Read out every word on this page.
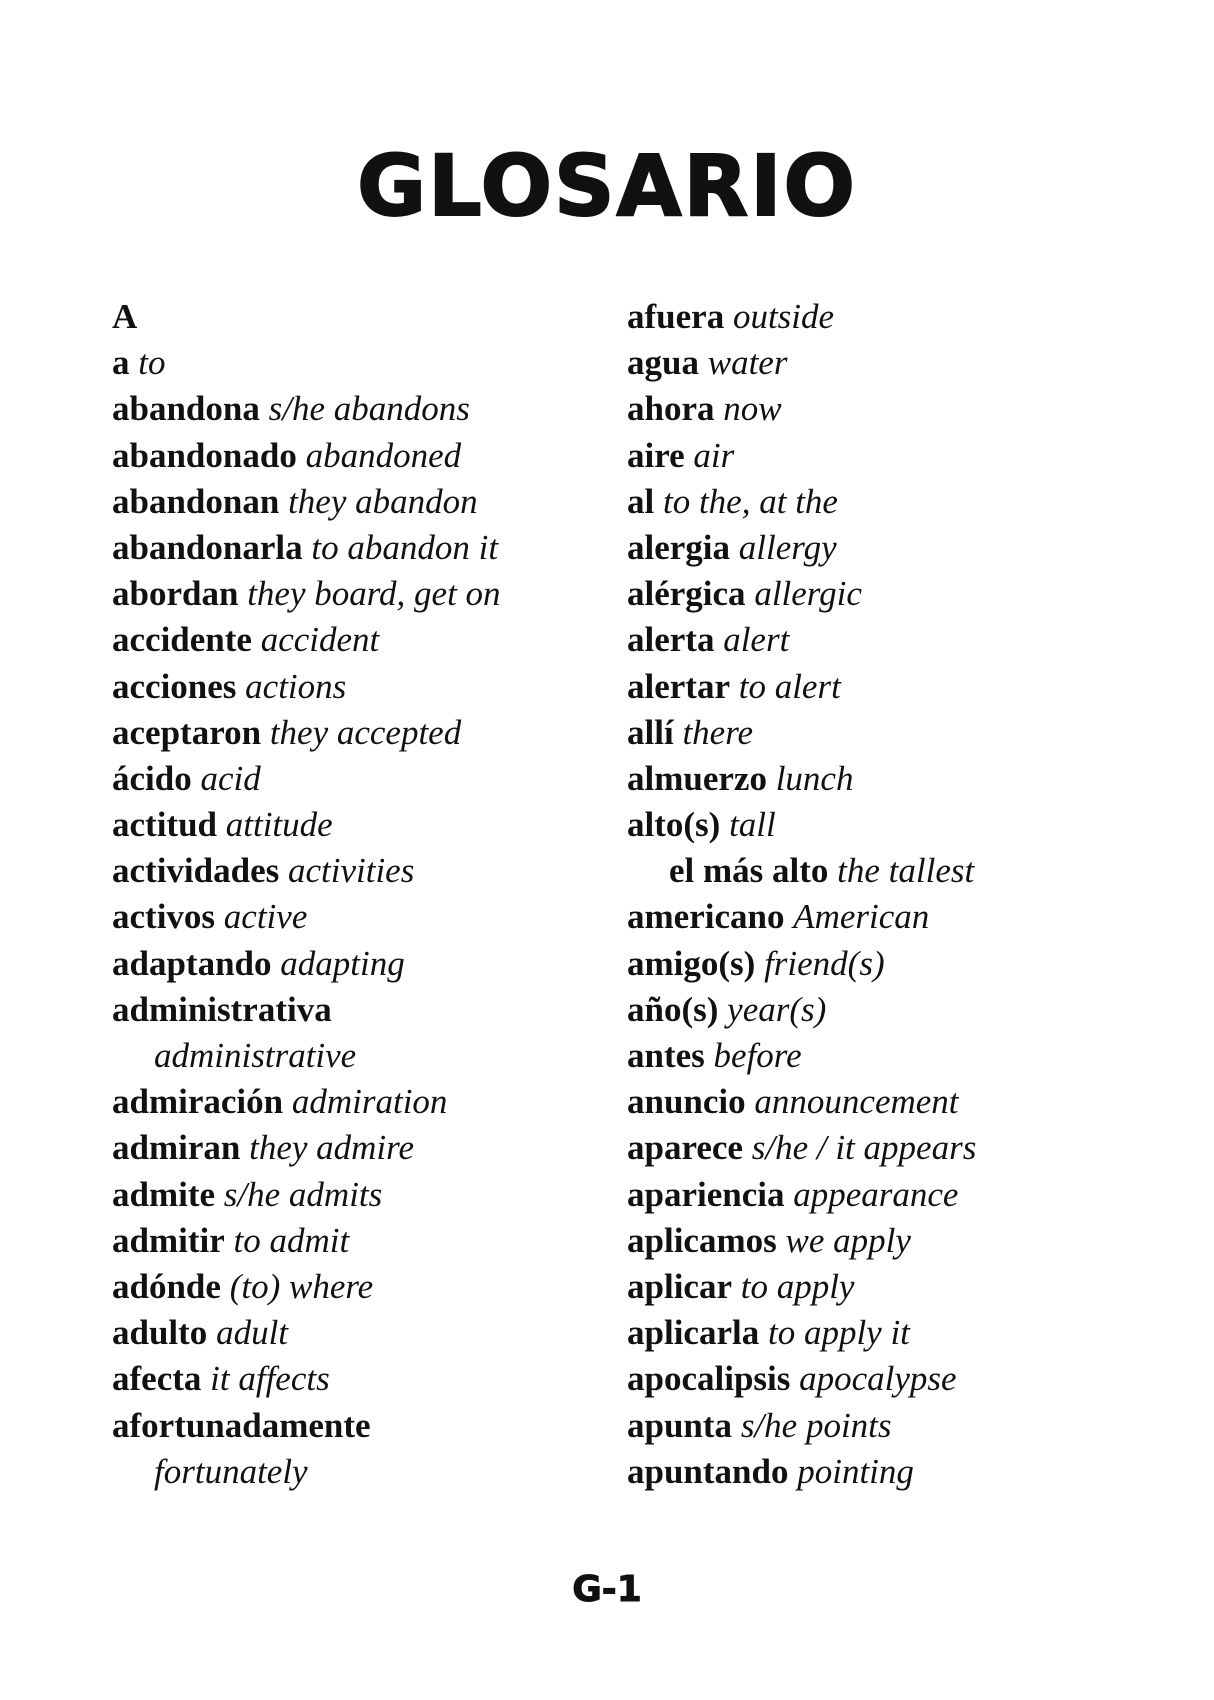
GLOSARIO
A
a to
abandona s/he abandons
abandonado abandoned
abandonan they abandon
abandonarla to abandon it
abordan they board, get on
accidente accident
acciones actions
aceptaron they accepted
ácido acid
actitud attitude
actividades activities
activos active
adaptando adapting
administrativa
administrative
admiración admiration
admiran they admire
admite s/he admits
admitir to admit
adónde (to) where
adulto adult
afecta it affects
afortunadamente
fortunately
afuera outside
agua water
ahora now
aire air
al to the, at the
alergia allergy
alérgica allergic
alerta alert
alertar to alert
allí there
almuerzo lunch
alto(s) tall
el más alto the tallest
americano American
amigo(s) friend(s)
año(s) year(s)
antes before
anuncio announcement
aparece s/he / it appears
apariencia appearance
aplicamos we apply
aplicar to apply
aplicarla to apply it
apocalipsis apocalypse
apunta s/he points
apuntando pointing
G-1
